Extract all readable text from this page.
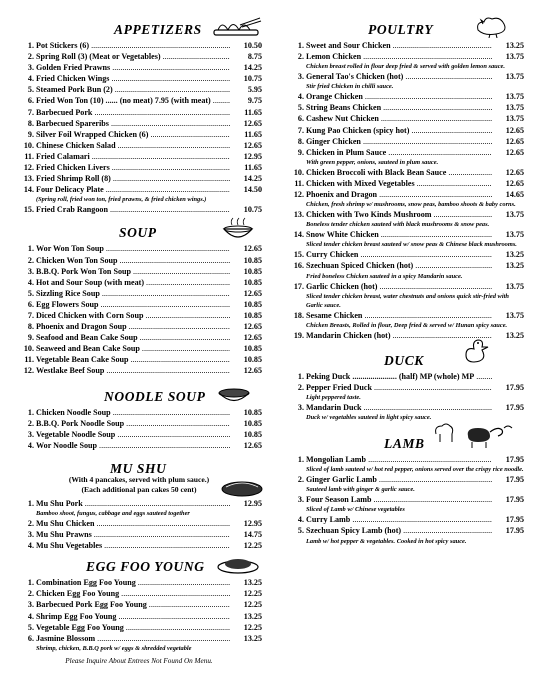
APPETIZERS
1. Pot Stickers (6) .....	10.50
2. Spring Roll (3) (Meat or Vegetables) .....	8.75
3. Golden Fried Prawns .....	14.25
4. Fried Chicken Wings .....	10.75
5. Steamed Pork Bun (2) .....	5.95
6. Fried Won Ton (10) ...... (no meat) 7.95 (with meat) .....	9.75
7. Barbecued Pork .....	11.65
8. Barbecued Spareribs .....	12.65
9. Silver Foil Wrapped Chicken (6) .....	11.65
10. Chinese Chicken Salad .....	12.65
11. Fried Calamari .....	12.95
12. Fried Chicken Livers .....	11.65
13. Fried Shrimp Roll (8) .....	14.25
14. Four Delicacy Plate .....	14.50
(Spring roll, fried won ton, fried prawns, & fried chicken wings.)
15. Fried Crab Rangoon .....	10.75
SOUP
1. Wor Won Ton Soup .....	12.65
2. Chicken Won Ton Soup .....	10.85
3. B.B.Q. Pork Won Ton Soup .....	10.85
4. Hot and Sour Soup (with meat) .....	10.85
5. Sizzling Rice Soup .....	12.65
6. Egg Flowers Soup .....	10.85
7. Diced Chicken with Corn Soup .....	10.85
8. Phoenix and Dragon Soup .....	12.65
9. Seafood and Bean Cake Soup .....	12.65
10. Seaweed and Bean Cake Soup .....	10.85
11. Vegetable Bean Cake Soup .....	10.85
12. Westlake Beef Soup .....	12.65
NOODLE SOUP
1. Chicken Noodle Soup .....	10.85
2. B.B.Q. Pork Noodle Soup .....	10.85
3. Vegetable Noodle Soup .....	10.85
4. Wor Noodle Soup .....	12.65
MU SHU
(With 4 pancakes, served with plum sauce.)
(Each additional pan cakes 50 cent)
1. Mu Shu Pork .....	12.95
Bamboo shoot, fungus, cabbage and eggs sauteed together
2. Mu Shu Chicken .....	12.95
3. Mu Shu Prawns .....	14.75
4. Mu Shu Vegetables .....	12.25
EGG FOO YOUNG
1. Combination Egg Foo Young .....	13.25
2. Chicken Egg Foo Young .....	12.25
3. Barbecued Pork Egg Foo Young .....	12.25
4. Shrimp Egg Foo Young .....	13.25
5. Vegetable Egg Foo Young .....	12.25
6. Jasmine Blossom .....	13.25
Shrimp, chicken, B.B.Q pork w/ eggs & shredded vegetable
Please Inquire About Entrees Not Found On Menu.
POULTRY
1. Sweet and Sour Chicken .....	13.25
2. Lemon Chicken .....	13.75
Chicken breast rolled in flour deep fried & served with golden lemon sauce.
3. General Tao's Chicken (hot) .....	13.75
Stir fried Chicken in chilli sauce.
4. Orange Chicken .....	13.75
5. String Beans Chicken .....	13.75
6. Cashew Nut Chicken .....	13.75
7. Kung Pao Chicken (spicy hot) .....	12.65
8. Ginger Chicken .....	12.65
9. Chicken in Plum Sauce .....	12.65
With green pepper, onions, sauteed in plum sauce.
10. Chicken Broccoli with Black Bean Sauce .....	12.65
11. Chicken with Mixed Vegetables .....	12.65
12. Phoenix and Dragon .....	14.65
Chicken, fresh shrimp w/ mushrooms, snow peas, bamboo shoots & baby corns.
13. Chicken with Two Kinds Mushroom .....	13.75
Boneless tender chicken sauteed with black mushrooms & snow peas.
14. Snow White Chicken .....	13.75
Sliced tender chicken breast sauteed w/ snow peas & Chinese black mushrooms.
15. Curry Chicken .....	13.25
16. Szechuan Spiced Chicken (hot) .....	13.25
Fried boneless Chicken sauteed in a spicy Mandarin sauce.
17. Garlic Chicken (hot) .....	13.75
Sliced tender chicken breast, water chestnuts and onions quick stir-fried with Garlic sauce.
18. Sesame Chicken .....	13.75
Chicken Breasts, Rolled in flour, Deep fried & served w/ Hunan spicy sauce.
19. Mandarin Chicken (hot) .....	13.25
DUCK
1. Peking Duck ...................... (half) MP (whole) MP .....
2. Pepper Fried Duck .....	17.95
Light peppered taste.
3. Mandarin Duck .....	17.95
Duck w/ vegetables sauteed in light spicy sauce.
LAMB
1. Mongolian Lamb .....	17.95
Sliced of lamb sauteed w/ hot red pepper, onions served over the crispy rice noodle.
2. Ginger Garlic Lamb .....	17.95
Sauteed lamb with ginger & garlic sauce.
3. Four Season Lamb .....	17.95
Sliced of Lamb w/ Chinese vegetables
4. Curry Lamb .....	17.95
5. Szechuan Spicy Lamb (hot) .....	17.95
Lamb w/ hot pepper & vegetables. Cooked in hot spicy sauce.
